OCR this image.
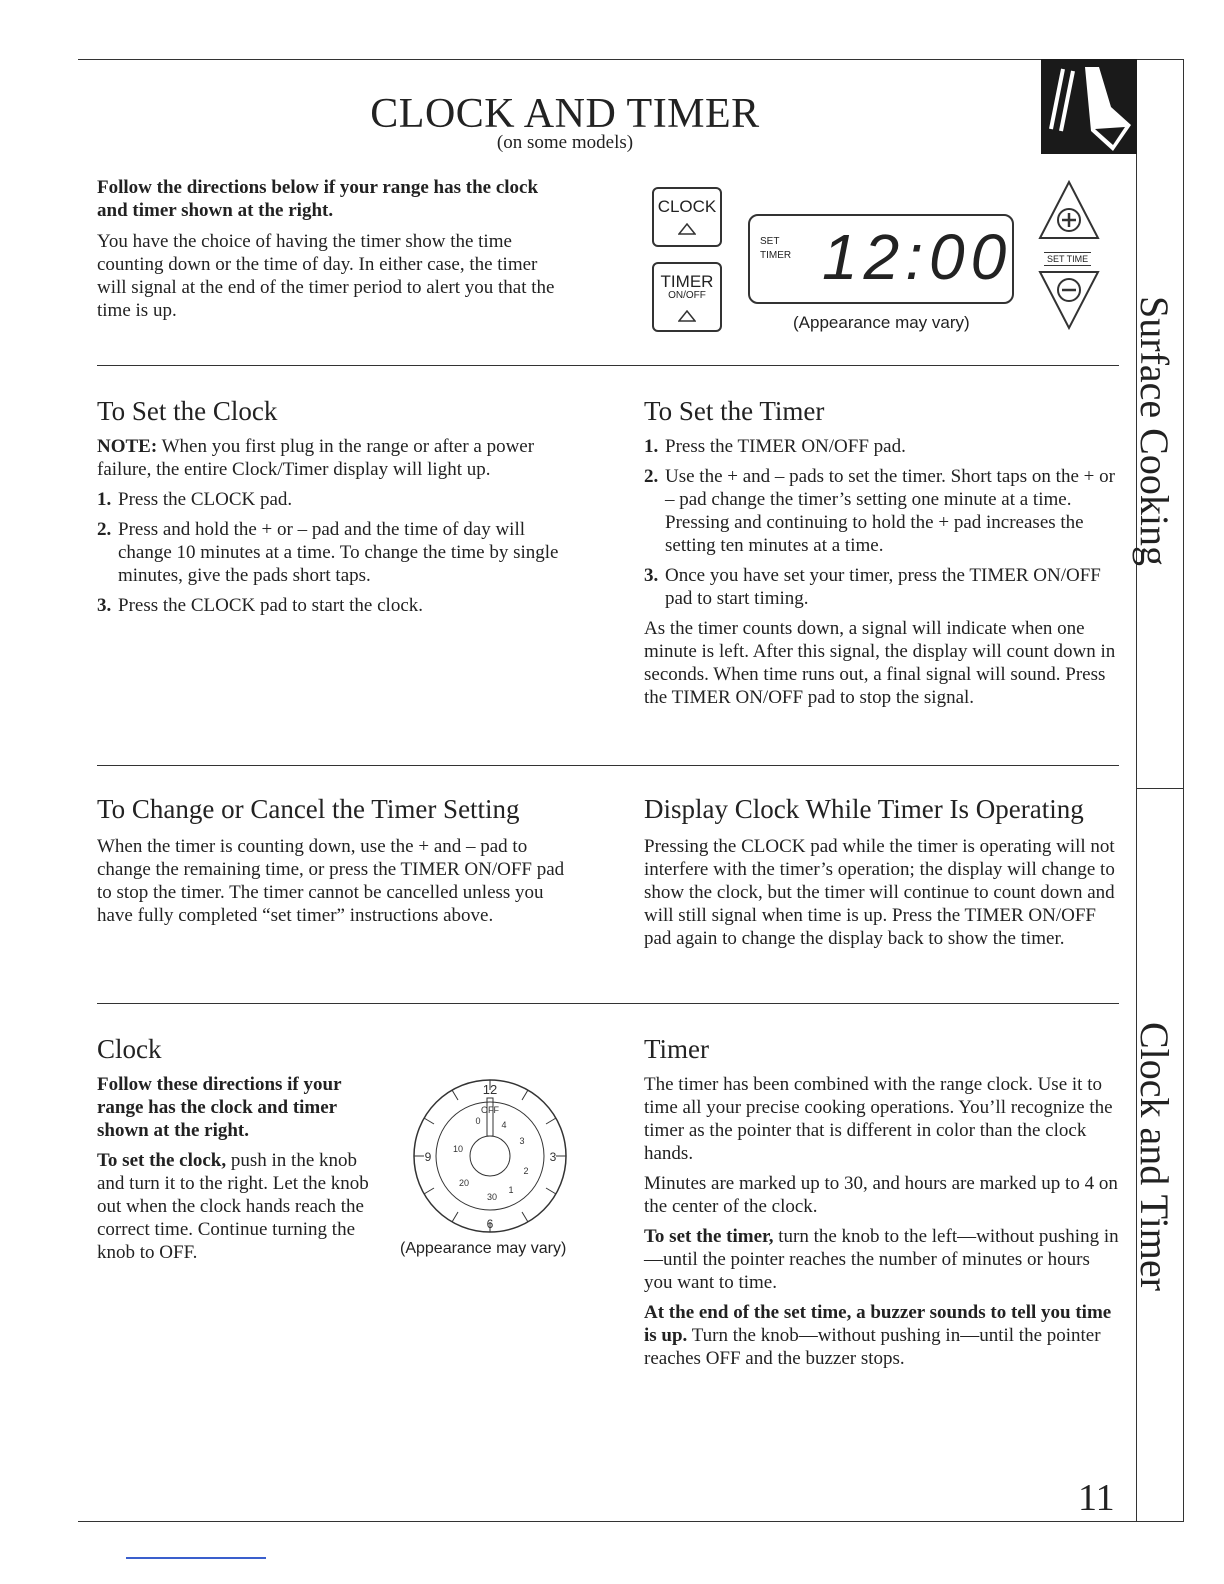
CLOCK AND TIMER
(on some models)

Follow the directions below if your range has the clock and timer shown at the right.

You have the choice of having the timer show the time counting down or the time of day. In either case, the timer will signal at the end of the timer period to alert you that the time is up.

CLOCK
TIMER
ON/OFF
SET
TIMER 12:00
(Appearance may vary)
SET TIME
To Set the Clock

NOTE: When you first plug in the range or after a power failure, the entire Clock/Timer display will light up.

1. Press the CLOCK pad.
2. Press and hold the + or – pad and the time of day will change 10 minutes at a time. To change the time by single minutes, give the pads short taps.
3. Press the CLOCK pad to start the clock.
To Set the Timer
1. Press the TIMER ON/OFF pad.
2. Use the + and – pads to set the timer. Short taps on the + or – pad change the timer’s setting one minute at a time. Pressing and continuing to hold the + pad increases the setting ten minutes at a time.
3. Once you have set your timer, press the TIMER ON/OFF pad to start timing.

As the timer counts down, a signal will indicate when one minute is left. After this signal, the display will count down in seconds. When time runs out, a final signal will sound. Press the TIMER ON/OFF pad to stop the signal.

To Change or Cancel the Timer Setting

When the timer is counting down, use the + and – pad to change the remaining time, or press the TIMER ON/OFF pad to stop the timer. The timer cannot be cancelled unless you have fully completed “set timer” instructions above.

Display Clock While Timer Is Operating

Pressing the CLOCK pad while the timer is operating will not interfere with the timer’s operation; the display will change to show the clock, but the timer will continue to count down and will still signal when time is up. Press the TIMER ON/OFF pad again to change the display back to show the timer.

Clock

Follow these directions if your range has the clock and timer shown at the right.

To set the clock, push in the knob and turn it to the right. Let the knob out when the clock hands reach the correct time. Continue turning the knob to OFF.

12
3
6
9
OFF
0 4
3
2
1
10
20
30
(Appearance may vary)
Timer

The timer has been combined with the range clock. Use it to time all your precise cooking operations. You’ll recognize the timer as the pointer that is different in color than the clock hands.

Minutes are marked up to 30, and hours are marked up to 4 on the center of the clock.

To set the timer, turn the knob to the left—without pushing in—until the pointer reaches the number of minutes or hours you want to time.

At the end of the set time, a buzzer sounds to tell you time is up. Turn the knob—without pushing in—until the pointer reaches OFF and the buzzer stops.

Surface Cooking
Clock and Timer
11
